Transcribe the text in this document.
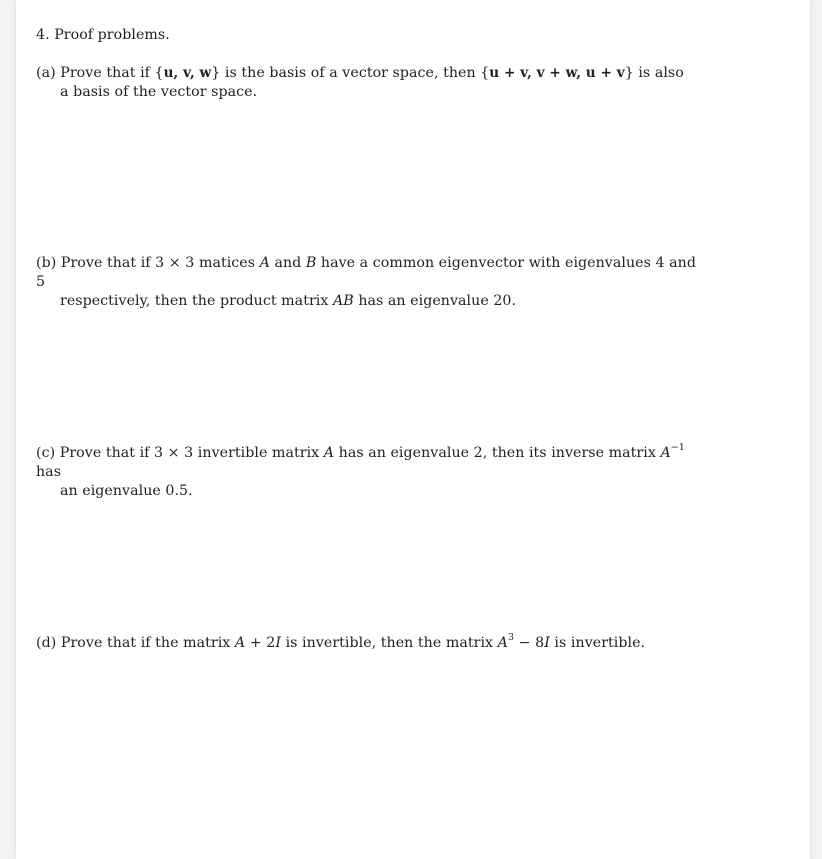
4. Proof problems.
(a) Prove that if {u, v, w} is the basis of a vector space, then {u + v, v + w, u + v} is also
a basis of the vector space.
(b) Prove that if 3 × 3 matices A and B have a common eigenvector with eigenvalues 4 and 5
respectively, then the product matrix AB has an eigenvalue 20.
(c) Prove that if 3 × 3 invertible matrix A has an eigenvalue 2, then its inverse matrix $A^{-1}$ has
an eigenvalue 0.5.
(d) Prove that if the matrix A + 2I is invertible, then the matrix $A^3 - 8I$ is invertible.
